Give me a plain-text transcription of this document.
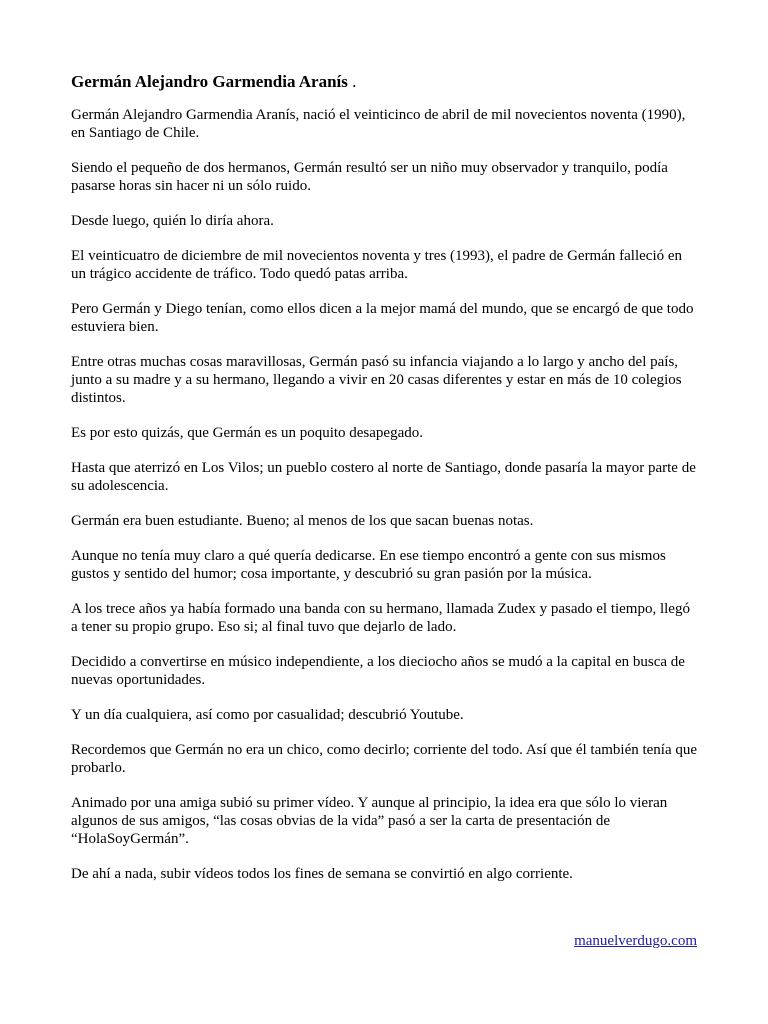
Germán Alejandro Garmendia Aranís .

Germán Alejandro Garmendia Aranís, nació el veinticinco de abril de mil novecientos noventa (1990), en Santiago de Chile.

Siendo el pequeño de dos hermanos, Germán resultó ser un niño muy observador y tranquilo, podía pasarse horas sin hacer ni un sólo ruido.

Desde luego, quién lo diría ahora.

El veinticuatro de diciembre de mil novecientos noventa y tres (1993), el padre de Germán falleció en un trágico accidente de tráfico. Todo quedó patas arriba.

Pero Germán y Diego tenían, como ellos dicen a la mejor mamá del mundo, que se encargó de que todo estuviera bien.

Entre otras muchas cosas maravillosas, Germán pasó su infancia viajando a lo largo y ancho del país, junto a su madre y a su hermano, llegando a vivir en 20 casas diferentes y estar en más de 10 colegios distintos.

Es por esto quizás, que Germán es un poquito desapegado.

Hasta que aterrizó en Los Vilos; un pueblo costero al norte de Santiago, donde pasaría la mayor parte de su adolescencia.

Germán era buen estudiante. Bueno; al menos de los que sacan buenas notas.

Aunque no tenía muy claro a qué quería dedicarse. En ese tiempo encontró a gente con sus mismos gustos y sentido del humor; cosa importante, y descubrió su gran pasión por la música.

A los trece años ya había formado una banda con su hermano, llamada Zudex y pasado el tiempo, llegó a tener su propio grupo. Eso si; al final tuvo que dejarlo de lado.

Decidido a convertirse en músico independiente, a los dieciocho años se mudó a la capital en busca de nuevas oportunidades.

Y un día cualquiera, así como por casualidad; descubrió Youtube.

Recordemos que Germán no era un chico, como decirlo; corriente del todo. Así que él también tenía que probarlo.

Animado por una amiga subió su primer vídeo. Y aunque al principio, la idea era que sólo lo vieran algunos de sus amigos, “las cosas obvias de la vida” pasó a ser la carta de presentación de “HolaSoyGermán”.

De ahí a nada, subir vídeos todos los fines de semana se convirtió en algo corriente.

manuelverdugo.com
